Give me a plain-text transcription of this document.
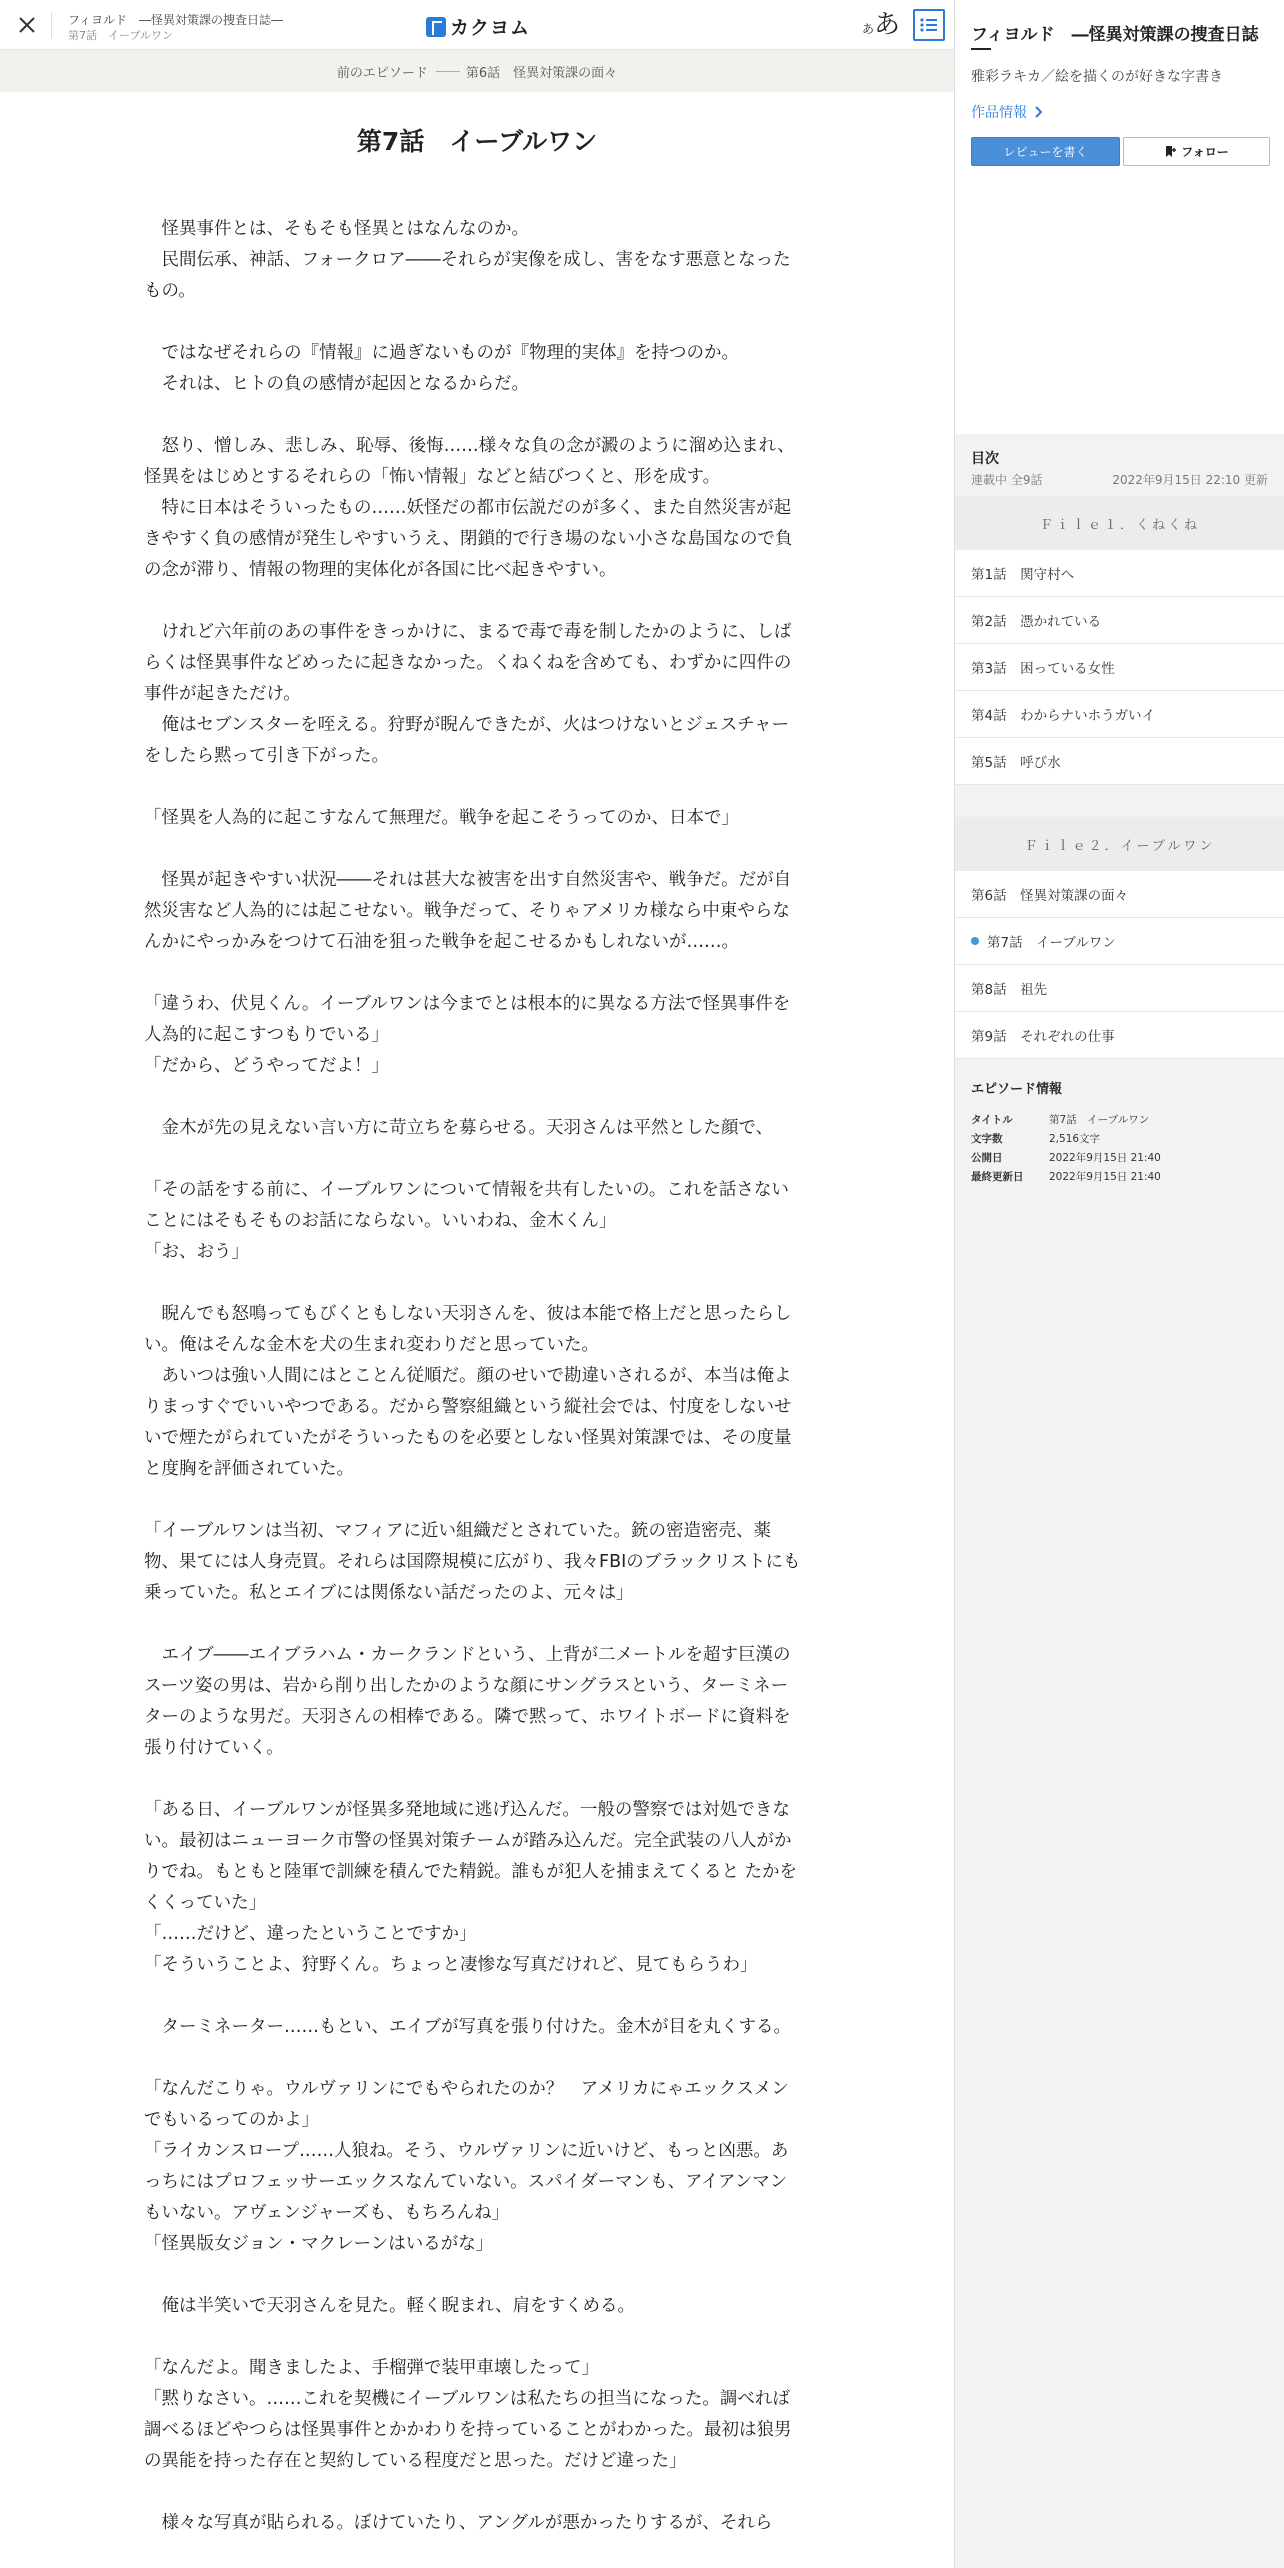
フィヨルド　―怪異対策課の捜査日誌―
第7話　イーブルワン	カクヨム	ああ
前のエピソード ―― 第6話　怪異対策課の面々
第7話　イーブルワン

　怪異事件とは、そもそも怪異とはなんなのか。

　民間伝承、神話、フォークロア――それらが実像を成し、害をなす悪意となったもの。

　ではなぜそれらの『情報』に過ぎないものが『物理的実体』を持つのか。

　それは、ヒトの負の感情が起因となるからだ。

　怒り、憎しみ、悲しみ、恥辱、後悔……様々な負の念が澱のように溜め込まれ、怪異をはじめとするそれらの「怖い情報」などと結びつくと、形を成す。

　特に日本はそういったもの……妖怪だの都市伝説だのが多く、また自然災害が起きやすく負の感情が発生しやすいうえ、閉鎖的で行き場のない小さな島国なので負の念が滞り、情報の物理的実体化が各国に比べ起きやすい。

　けれど六年前のあの事件をきっかけに、まるで毒で毒を制したかのように、しばらくは怪異事件などめったに起きなかった。くねくねを含めても、わずかに四件の事件が起きただけ。

　俺はセブンスターを咥える。狩野が睨んできたが、火はつけないとジェスチャーをしたら黙って引き下がった。

「怪異を人為的に起こすなんて無理だ。戦争を起こそうってのか、日本で」

　怪異が起きやすい状況――それは甚大な被害を出す自然災害や、戦争だ。だが自然災害など人為的には起こせない。戦争だって、そりゃアメリカ様なら中東やらなんかにやっかみをつけて石油を狙った戦争を起こせるかもしれないが……。

「違うわ、伏見くん。イーブルワンは今までとは根本的に異なる方法で怪異事件を人為的に起こすつもりでいる」

「だから、どうやってだよ！」

　金木が先の見えない言い方に苛立ちを募らせる。天羽さんは平然とした顔で、

「その話をする前に、イーブルワンについて情報を共有したいの。これを話さないことにはそもそものお話にならない。いいわね、金木くん」

「お、おう」

　睨んでも怒鳴ってもびくともしない天羽さんを、彼は本能で格上だと思ったらしい。俺はそんな金木を犬の生まれ変わりだと思っていた。

　あいつは強い人間にはとことん従順だ。顔のせいで勘違いされるが、本当は俺よりまっすぐでいいやつである。だから警察組織という縦社会では、忖度をしないせいで煙たがられていたがそういったものを必要としない怪異対策課では、その度量と度胸を評価されていた。

「イーブルワンは当初、マフィアに近い組織だとされていた。銃の密造密売、薬物、果てには人身売買。それらは国際規模に広がり、我々FBIのブラックリストにも乗っていた。私とエイブには関係ない話だったのよ、元々は」

　エイブ――エイブラハム・カークランドという、上背が二メートルを超す巨漢のスーツ姿の男は、岩から削り出したかのような顔にサングラスという、ターミネーターのような男だ。天羽さんの相棒である。隣で黙って、ホワイトボードに資料を張り付けていく。

「ある日、イーブルワンが怪異多発地域に逃げ込んだ。一般の警察では対処できない。最初はニューヨーク市警の怪異対策チームが踏み込んだ。完全武装の八人がかりでね。もともと陸軍で訓練を積んでた精鋭。誰もが犯人を捕まえてくると たかをくくっていた」

「……だけど、違ったということですか」

「そういうことよ、狩野くん。ちょっと凄惨な写真だけれど、見てもらうわ」

　ターミネーター……もとい、エイブが写真を張り付けた。金木が目を丸くする。

「なんだこりゃ。ウルヴァリンにでもやられたのか？　アメリカにゃエックスメンでもいるってのかよ」

「ライカンスロープ……人狼ね。そう、ウルヴァリンに近いけど、もっと凶悪。あっちにはプロフェッサーエックスなんていない。スパイダーマンも、アイアンマンもいない。アヴェンジャーズも、もちろんね」

「怪異版女ジョン・マクレーンはいるがな」

　俺は半笑いで天羽さんを見た。軽く睨まれ、肩をすくめる。

「なんだよ。聞きましたよ、手榴弾で装甲車壊したって」

「黙りなさい。……これを契機にイーブルワンは私たちの担当になった。調べれば調べるほどやつらは怪異事件とかかわりを持っていることがわかった。最初は狼男の異能を持った存在と契約している程度だと思った。だけど違った」

　様々な写真が貼られる。ぼけていたり、アングルが悪かったりするが、それら

フィヨルド　―怪異対策課の捜査日誌
雅彩ラキカ／絵を描くのが好きな字書き
作品情報
レビューを書く	フォロー
目次
連載中 全9話	2022年9月15日 22:10 更新
Ｆｉｌｅ１．くねくね
第1話　関守村へ
第2話　憑かれている
第3話　困っている女性
第4話　わからナいホうガいイ
第5話　呼び水
Ｆｉｌｅ２．イーブルワン
第6話　怪異対策課の面々
第7話　イーブルワン
第8話　祖先
第9話　それぞれの仕事
エピソード情報
タイトル	第7話　イーブルワン
文字数	2,516文字
公開日	2022年9月15日 21:40
最終更新日	2022年9月15日 21:40
